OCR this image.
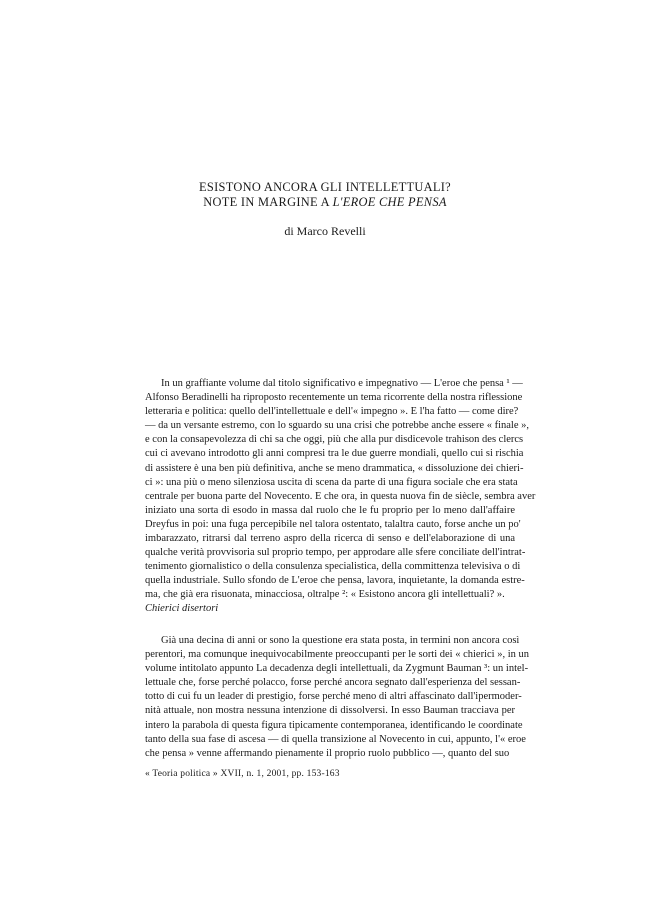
ESISTONO ANCORA GLI INTELLETTUALI?
NOTE IN MARGINE A L'EROE CHE PENSA
di Marco Revelli
In un graffiante volume dal titolo significativo e impegnativo — L'eroe che pensa ¹ —
Alfonso Beradinelli ha riproposto recentemente un tema ricorrente della nostra riflessione
letteraria e politica: quello dell'intellettuale e dell'« impegno ». E l'ha fatto — come dire?
— da un versante estremo, con lo sguardo su una crisi che potrebbe anche essere « finale »,
e con la consapevolezza di chi sa che oggi, più che alla pur disdicevole trahison des clercs
cui ci avevano introdotto gli anni compresi tra le due guerre mondiali, quello cui si rischia
di assistere è una ben più definitiva, anche se meno drammatica, « dissoluzione dei chieri-
ci »: una più o meno silenziosa uscita di scena da parte di una figura sociale che era stata
centrale per buona parte del Novecento. E che ora, in questa nuova fin de siècle, sembra aver
iniziato una sorta di esodo in massa dal ruolo che le fu proprio per lo meno dall'affaire
Dreyfus in poi: una fuga percepibile nel talora ostentato, talaltra cauto, forse anche un po'
imbarazzato, ritrarsi dal terreno aspro della ricerca di senso e dell'elaborazione di una
qualche verità provvisoria sul proprio tempo, per approdare alle sfere conciliate dell'intrat-
tenimento giornalistico o della consulenza specialistica, della committenza televisiva o di
quella industriale. Sullo sfondo de L'eroe che pensa, lavora, inquietante, la domanda estre-
ma, che già era risuonata, minacciosa, oltralpe ²: « Esistono ancora gli intellettuali? ».
Chierici disertori
Già una decina di anni or sono la questione era stata posta, in termini non ancora così
perentori, ma comunque inequivocabilmente preoccupanti per le sorti dei « chierici », in un
volume intitolato appunto La decadenza degli intellettuali, da Zygmunt Bauman ³: un intel-
lettuale che, forse perché polacco, forse perché ancora segnato dall'esperienza del sessan-
totto di cui fu un leader di prestigio, forse perché meno di altri affascinato dall'ipermoder-
nità attuale, non mostra nessuna intenzione di dissolversi. In esso Bauman tracciava per
intero la parabola di questa figura tipicamente contemporanea, identificando le coordinate
tanto della sua fase di ascesa — di quella transizione al Novecento in cui, appunto, l'« eroe
che pensa » venne affermando pienamente il proprio ruolo pubblico —, quanto del suo
« Teoria politica » XVII, n. 1, 2001, pp. 153-163
